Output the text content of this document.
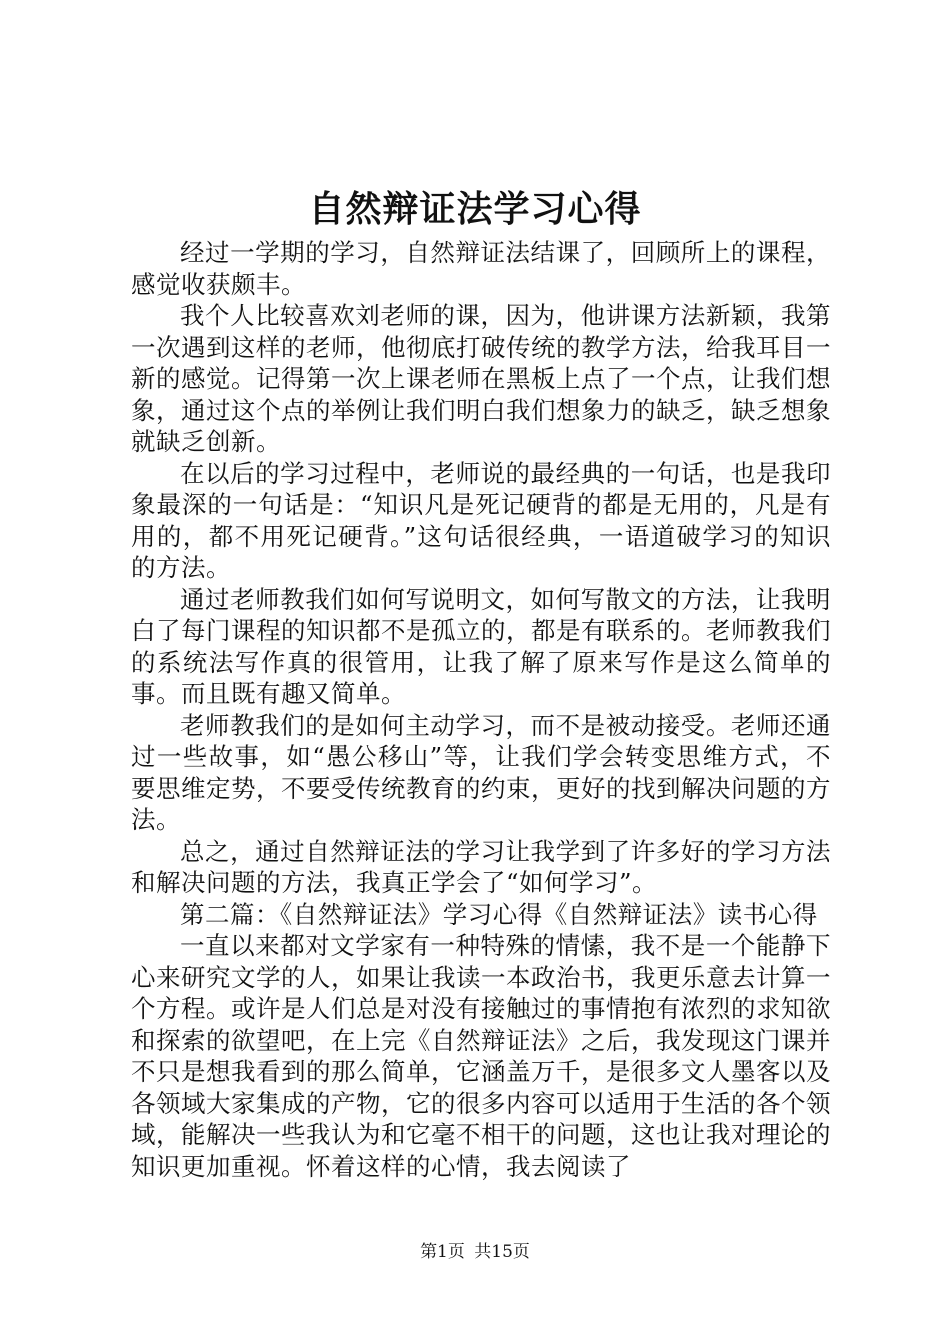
自然辩证法学习心得

经过一学期的学习，自然辩证法结课了，回顾所上的课程，感觉收获颇丰。

我个人比较喜欢刘老师的课，因为，他讲课方法新颖，我第一次遇到这样的老师，他彻底打破传统的教学方法，给我耳目一新的感觉。记得第一次上课老师在黑板上点了一个点，让我们想象，通过这个点的举例让我们明白我们想象力的缺乏，缺乏想象就缺乏创新。

在以后的学习过程中，老师说的最经典的一句话，也是我印象最深的一句话是：“知识凡是死记硬背的都是无用的，凡是有用的，都不用死记硬背。”这句话很经典，一语道破学习的知识的方法。

通过老师教我们如何写说明文，如何写散文的方法，让我明白了每门课程的知识都不是孤立的，都是有联系的。老师教我们的系统法写作真的很管用，让我了解了原来写作是这么简单的事。而且既有趣又简单。

老师教我们的是如何主动学习，而不是被动接受。老师还通过一些故事，如“愚公移山”等，让我们学会转变思维方式，不要思维定势，不要受传统教育的约束，更好的找到解决问题的方法。

总之，通过自然辩证法的学习让我学到了许多好的学习方法和解决问题的方法，我真正学会了“如何学习”。

第二篇：《自然辩证法》学习心得《自然辩证法》读书心得

一直以来都对文学家有一种特殊的情愫，我不是一个能静下心来研究文学的人，如果让我读一本政治书，我更乐意去计算一个方程。或许是人们总是对没有接触过的事情抱有浓烈的求知欲和探索的欲望吧，在上完《自然辩证法》之后，我发现这门课并不只是想我看到的那么简单，它涵盖万千，是很多文人墨客以及各领域大家集成的产物，它的很多内容可以适用于生活的各个领域，能解决一些我认为和它毫不相干的问题，这也让我对理论的知识更加重视。怀着这样的心情，我去阅读了

第1页 共15页
